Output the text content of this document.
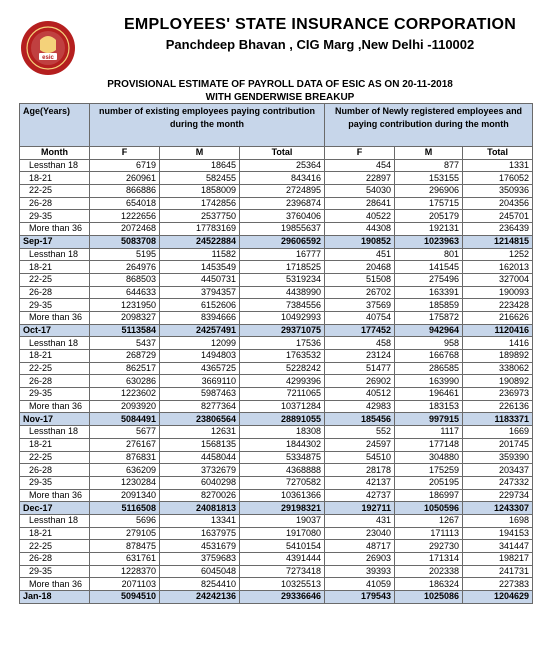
esic
EMPLOYEES' STATE INSURANCE CORPORATION
Panchdeep Bhavan , CIG Marg ,New Delhi -110002
PROVISIONAL ESTIMATE OF PAYROLL DATA OF ESIC AS ON 20-11-2018
WITH GENDERWISE BREAKUP
Age(Years)	number of existing employees paying contribution during the month			Number of Newly registered employees and paying contribution during the month		
Month	F	M	Total	F	M	Total
Lessthan 18	6719	18645	25364	454	877	1331
18-21	260961	582455	843416	22897	153155	176052
22-25	866886	1858009	2724895	54030	296906	350936
26-28	654018	1742856	2396874	28641	175715	204356
29-35	1222656	2537750	3760406	40522	205179	245701
More than 36	2072468	17783169	19855637	44308	192131	236439
Sep-17	5083708	24522884	29606592	190852	1023963	1214815
Lessthan 18	5195	11582	16777	451	801	1252
18-21	264976	1453549	1718525	20468	141545	162013
22-25	868503	4450731	5319234	51508	275496	327004
26-28	644633	3794357	4438990	26702	163391	190093
29-35	1231950	6152606	7384556	37569	185859	223428
More than 36	2098327	8394666	10492993	40754	175872	216626
Oct-17	5113584	24257491	29371075	177452	942964	1120416
Lessthan 18	5437	12099	17536	458	958	1416
18-21	268729	1494803	1763532	23124	166768	189892
22-25	862517	4365725	5228242	51477	286585	338062
26-28	630286	3669110	4299396	26902	163990	190892
29-35	1223602	5987463	7211065	40512	196461	236973
More than 36	2093920	8277364	10371284	42983	183153	226136
Nov-17	5084491	23806564	28891055	185456	997915	1183371
Lessthan 18	5677	12631	18308	552	1117	1669
18-21	276167	1568135	1844302	24597	177148	201745
22-25	876831	4458044	5334875	54510	304880	359390
26-28	636209	3732679	4368888	28178	175259	203437
29-35	1230284	6040298	7270582	42137	205195	247332
More than 36	2091340	8270026	10361366	42737	186997	229734
Dec-17	5116508	24081813	29198321	192711	1050596	1243307
Lessthan 18	5696	13341	19037	431	1267	1698
18-21	279105	1637975	1917080	23040	171113	194153
22-25	878475	4531679	5410154	48717	292730	341447
26-28	631761	3759683	4391444	26903	171314	198217
29-35	1228370	6045048	7273418	39393	202338	241731
More than 36	2071103	8254410	10325513	41059	186324	227383
Jan-18	5094510	24242136	29336646	179543	1025086	1204629
